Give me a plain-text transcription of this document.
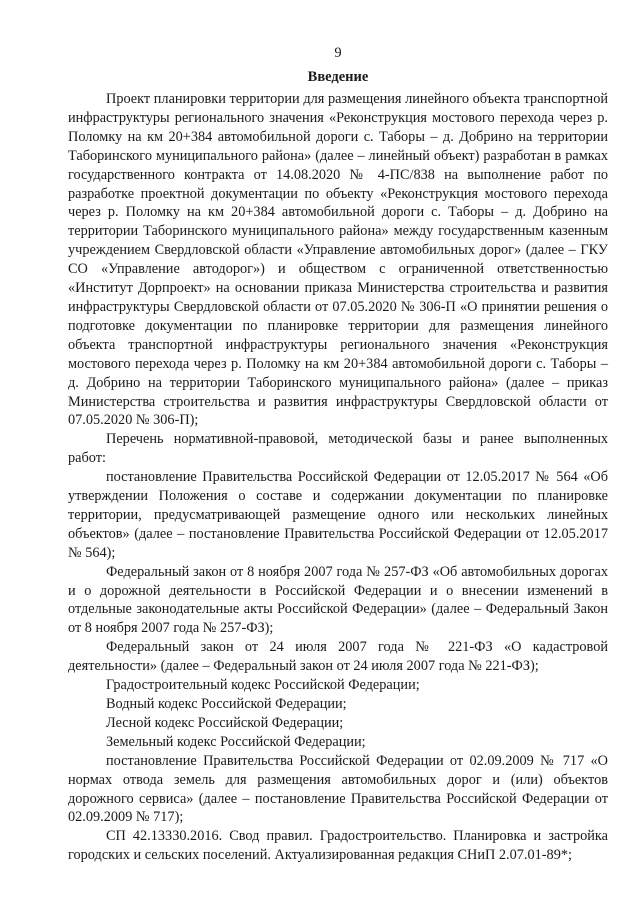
9
Введение

Проект планировки территории для размещения линейного объекта транспортной инфраструктуры регионального значения «Реконструкция мостового перехода через р. Поломку на км 20+384 автомобильной дороги с. Таборы – д. Добрино на территории Таборинского муниципального района» (далее – линейный объект) разработан в рамках государственного контракта от 14.08.2020 № 4-ПС/838 на выполнение работ по разработке проектной документации по объекту «Реконструкция мостового перехода через р. Поломку на км 20+384 автомобильной дороги с. Таборы – д. Добрино на территории Таборинского муниципального района» между государственным казенным учреждением Свердловской области «Управление автомобильных дорог» (далее – ГКУ СО «Управление автодорог») и обществом с ограниченной ответственностью «Институт Дорпроект» на основании приказа Министерства строительства и развития инфраструктуры Свердловской области от 07.05.2020 № 306-П «О принятии решения о подготовке документации по планировке территории для размещения линейного объекта транспортной инфраструктуры регионального значения «Реконструкция мостового перехода через р. Поломку на км 20+384 автомобильной дороги с. Таборы – д. Добрино на территории Таборинского муниципального района» (далее – приказ Министерства строительства и развития инфраструктуры Свердловской области от 07.05.2020 № 306-П);

Перечень нормативной-правовой, методической базы и ранее выполненных работ:

постановление Правительства Российской Федерации от 12.05.2017 № 564 «Об утверждении Положения о составе и содержании документации по планировке территории, предусматривающей размещение одного или нескольких линейных объектов» (далее – постановление Правительства Российской Федерации от 12.05.2017 № 564);

Федеральный закон от 8 ноября 2007 года № 257-ФЗ «Об автомобильных дорогах и о дорожной деятельности в Российской Федерации и о внесении изменений в отдельные законодательные акты Российской Федерации» (далее – Федеральный Закон от 8 ноября 2007 года № 257-ФЗ);

Федеральный закон от 24 июля 2007 года № 221-ФЗ «О кадастровой деятельности» (далее – Федеральный закон от 24 июля 2007 года № 221-ФЗ);

Градостроительный кодекс Российской Федерации;

Водный кодекс Российской Федерации;

Лесной кодекс Российской Федерации;

Земельный кодекс Российской Федерации;

постановление Правительства Российской Федерации от 02.09.2009 № 717 «О нормах отвода земель для размещения автомобильных дорог и (или) объектов дорожного сервиса» (далее – постановление Правительства Российской Федерации от 02.09.2009 № 717);

СП 42.13330.2016. Свод правил. Градостроительство. Планировка и застройка городских и сельских поселений. Актуализированная редакция СНиП 2.07.01-89*;
